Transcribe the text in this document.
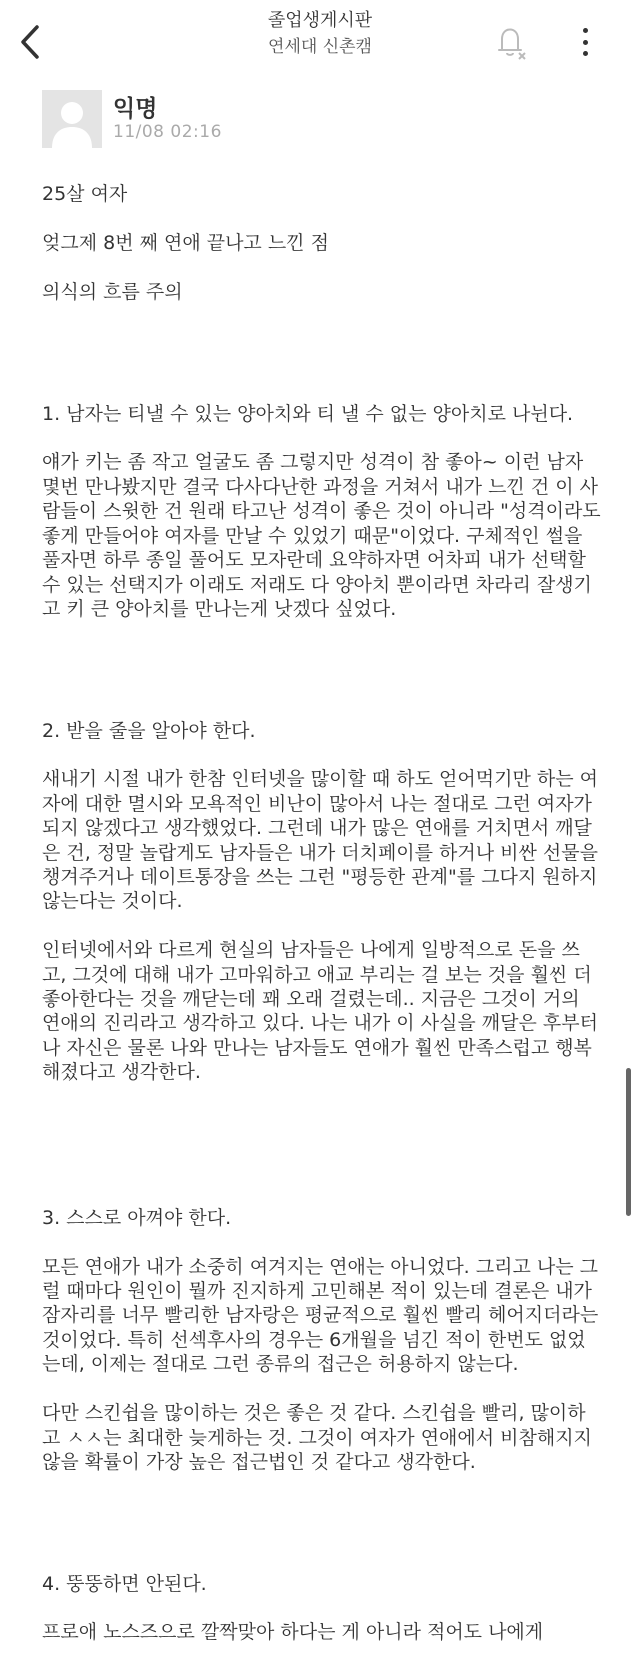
졸업생게시판
연세대 신촌캠
익명
11/08 02:16

25살 여자

엊그제 8번 째 연애 끝나고 느낀 점

의식의 흐름 주의

1. 남자는 티낼 수 있는 양아치와 티 낼 수 없는 양아치로 나뉜다.

얘가 키는 좀 작고 얼굴도 좀 그렇지만 성격이 참 좋아~ 이런 남자 몇번 만나봤지만 결국 다사다난한 과정을 거쳐서 내가 느낀 건 이 사람들이 스윗한 건 원래 타고난 성격이 좋은 것이 아니라 "성격이라도 좋게 만들어야 여자를 만날 수 있었기 때문"이었다. 구체적인 썰을 풀자면 하루 종일 풀어도 모자란데 요약하자면 어차피 내가 선택할 수 있는 선택지가 이래도 저래도 다 양아치 뿐이라면 차라리 잘생기고 키 큰 양아치를 만나는게 낫겠다 싶었다.

2. 받을 줄을 알아야 한다.

새내기 시절 내가 한참 인터넷을 많이할 때 하도 얻어먹기만 하는 여자에 대한 멸시와 모욕적인 비난이 많아서 나는 절대로 그런 여자가 되지 않겠다고 생각했었다. 그런데 내가 많은 연애를 거치면서 깨달은 건, 정말 놀랍게도 남자들은 내가 더치페이를 하거나 비싼 선물을 챙겨주거나 데이트통장을 쓰는 그런 "평등한 관계"를 그다지 원하지 않는다는 것이다.

인터넷에서와 다르게 현실의 남자들은 나에게 일방적으로 돈을 쓰고, 그것에 대해 내가 고마워하고 애교 부리는 걸 보는 것을 훨씬 더 좋아한다는 것을 깨닫는데 꽤 오래 걸렸는데.. 지금은 그것이 거의 연애의 진리라고 생각하고 있다. 나는 내가 이 사실을 깨달은 후부터 나 자신은 물론 나와 만나는 남자들도 연애가 훨씬 만족스럽고 행복해졌다고 생각한다.

3. 스스로 아껴야 한다.

모든 연애가 내가 소중히 여겨지는 연애는 아니었다. 그리고 나는 그럴 때마다 원인이 뭘까 진지하게 고민해본 적이 있는데 결론은 내가 잠자리를 너무 빨리한 남자랑은 평균적으로 훨씬 빨리 헤어지더라는 것이었다. 특히 선섹후사의 경우는 6개월을 넘긴 적이 한번도 없었는데, 이제는 절대로 그런 종류의 접근은 허용하지 않는다.

다만 스킨쉽을 많이하는 것은 좋은 것 같다. 스킨쉽을 빨리, 많이하고 ㅅㅅ는 최대한 늦게하는 것. 그것이 여자가 연애에서 비참해지지 않을 확률이 가장 높은 접근법인 것 같다고 생각한다.

4. 뚱뚱하면 안된다.

프로애 노스즈으로 깔짝맞아 하다는 게 아니라 적어도 나에게
